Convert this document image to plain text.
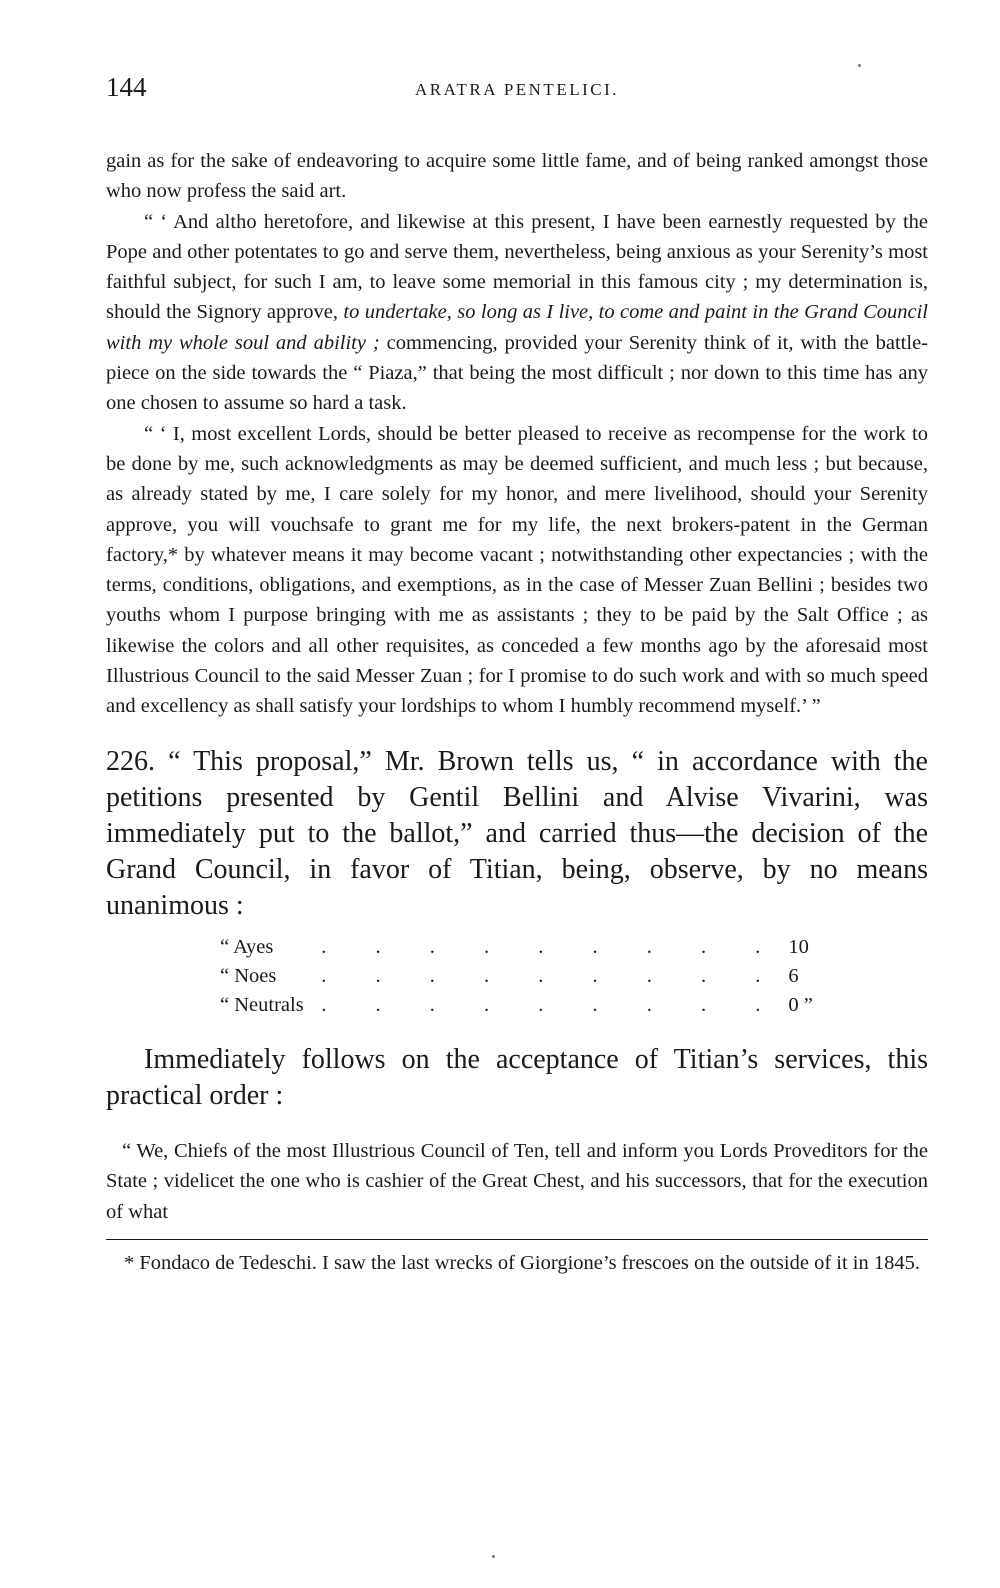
144	ARATRA PENTELICI.

gain as for the sake of endeavoring to acquire some little fame, and of being ranked amongst those who now profess the said art.

“ ‘ And altho heretofore, and likewise at this present, I have been earnestly requested by the Pope and other potentates to go and serve them, nevertheless, being anxious as your Serenity’s most faithful subject, for such I am, to leave some memorial in this famous city ; my determination is, should the Signory approve, to undertake, so long as I live, to come and paint in the Grand Council with my whole soul and ability ; commencing, provided your Serenity think of it, with the battle-piece on the side towards the “ Piaza,” that being the most difficult ; nor down to this time has any one chosen to assume so hard a task.

“ ‘ I, most excellent Lords, should be better pleased to receive as recompense for the work to be done by me, such acknowledgments as may be deemed sufficient, and much less ; but because, as already stated by me, I care solely for my honor, and mere livelihood, should your Serenity approve, you will vouchsafe to grant me for my life, the next brokers-patent in the German factory,* by whatever means it may become vacant ; notwithstanding other expectancies ; with the terms, conditions, obligations, and exemptions, as in the case of Messer Zuan Bellini ; besides two youths whom I purpose bringing with me as assistants ; they to be paid by the Salt Office ; as likewise the colors and all other requisites, as conceded a few months ago by the aforesaid most Illustrious Council to the said Messer Zuan ; for I promise to do such work and with so much speed and excellency as shall satisfy your lordships to whom I humbly recommend myself.’ ”

226. “ This proposal,” Mr. Brown tells us, “ in accordance with the petitions presented by Gentil Bellini and Alvise Vivarini, was immediately put to the ballot,” and carried thus—the decision of the Grand Council, in favor of Titian, being, observe, by no means unanimous :

“ Ayes	. . . . . . . . . 10
“ Noes	. . . . . . . . . 6
“ Neutrals . . . . . . . . . 0 ”

Immediately follows on the acceptance of Titian’s services, this practical order :

“ We, Chiefs of the most Illustrious Council of Ten, tell and inform you Lords Proveditors for the State ; videlicet the one who is cashier of the Great Chest, and his successors, that for the execution of what

* Fondaco de Tedeschi. I saw the last wrecks of Giorgione’s frescoes on the outside of it in 1845.
